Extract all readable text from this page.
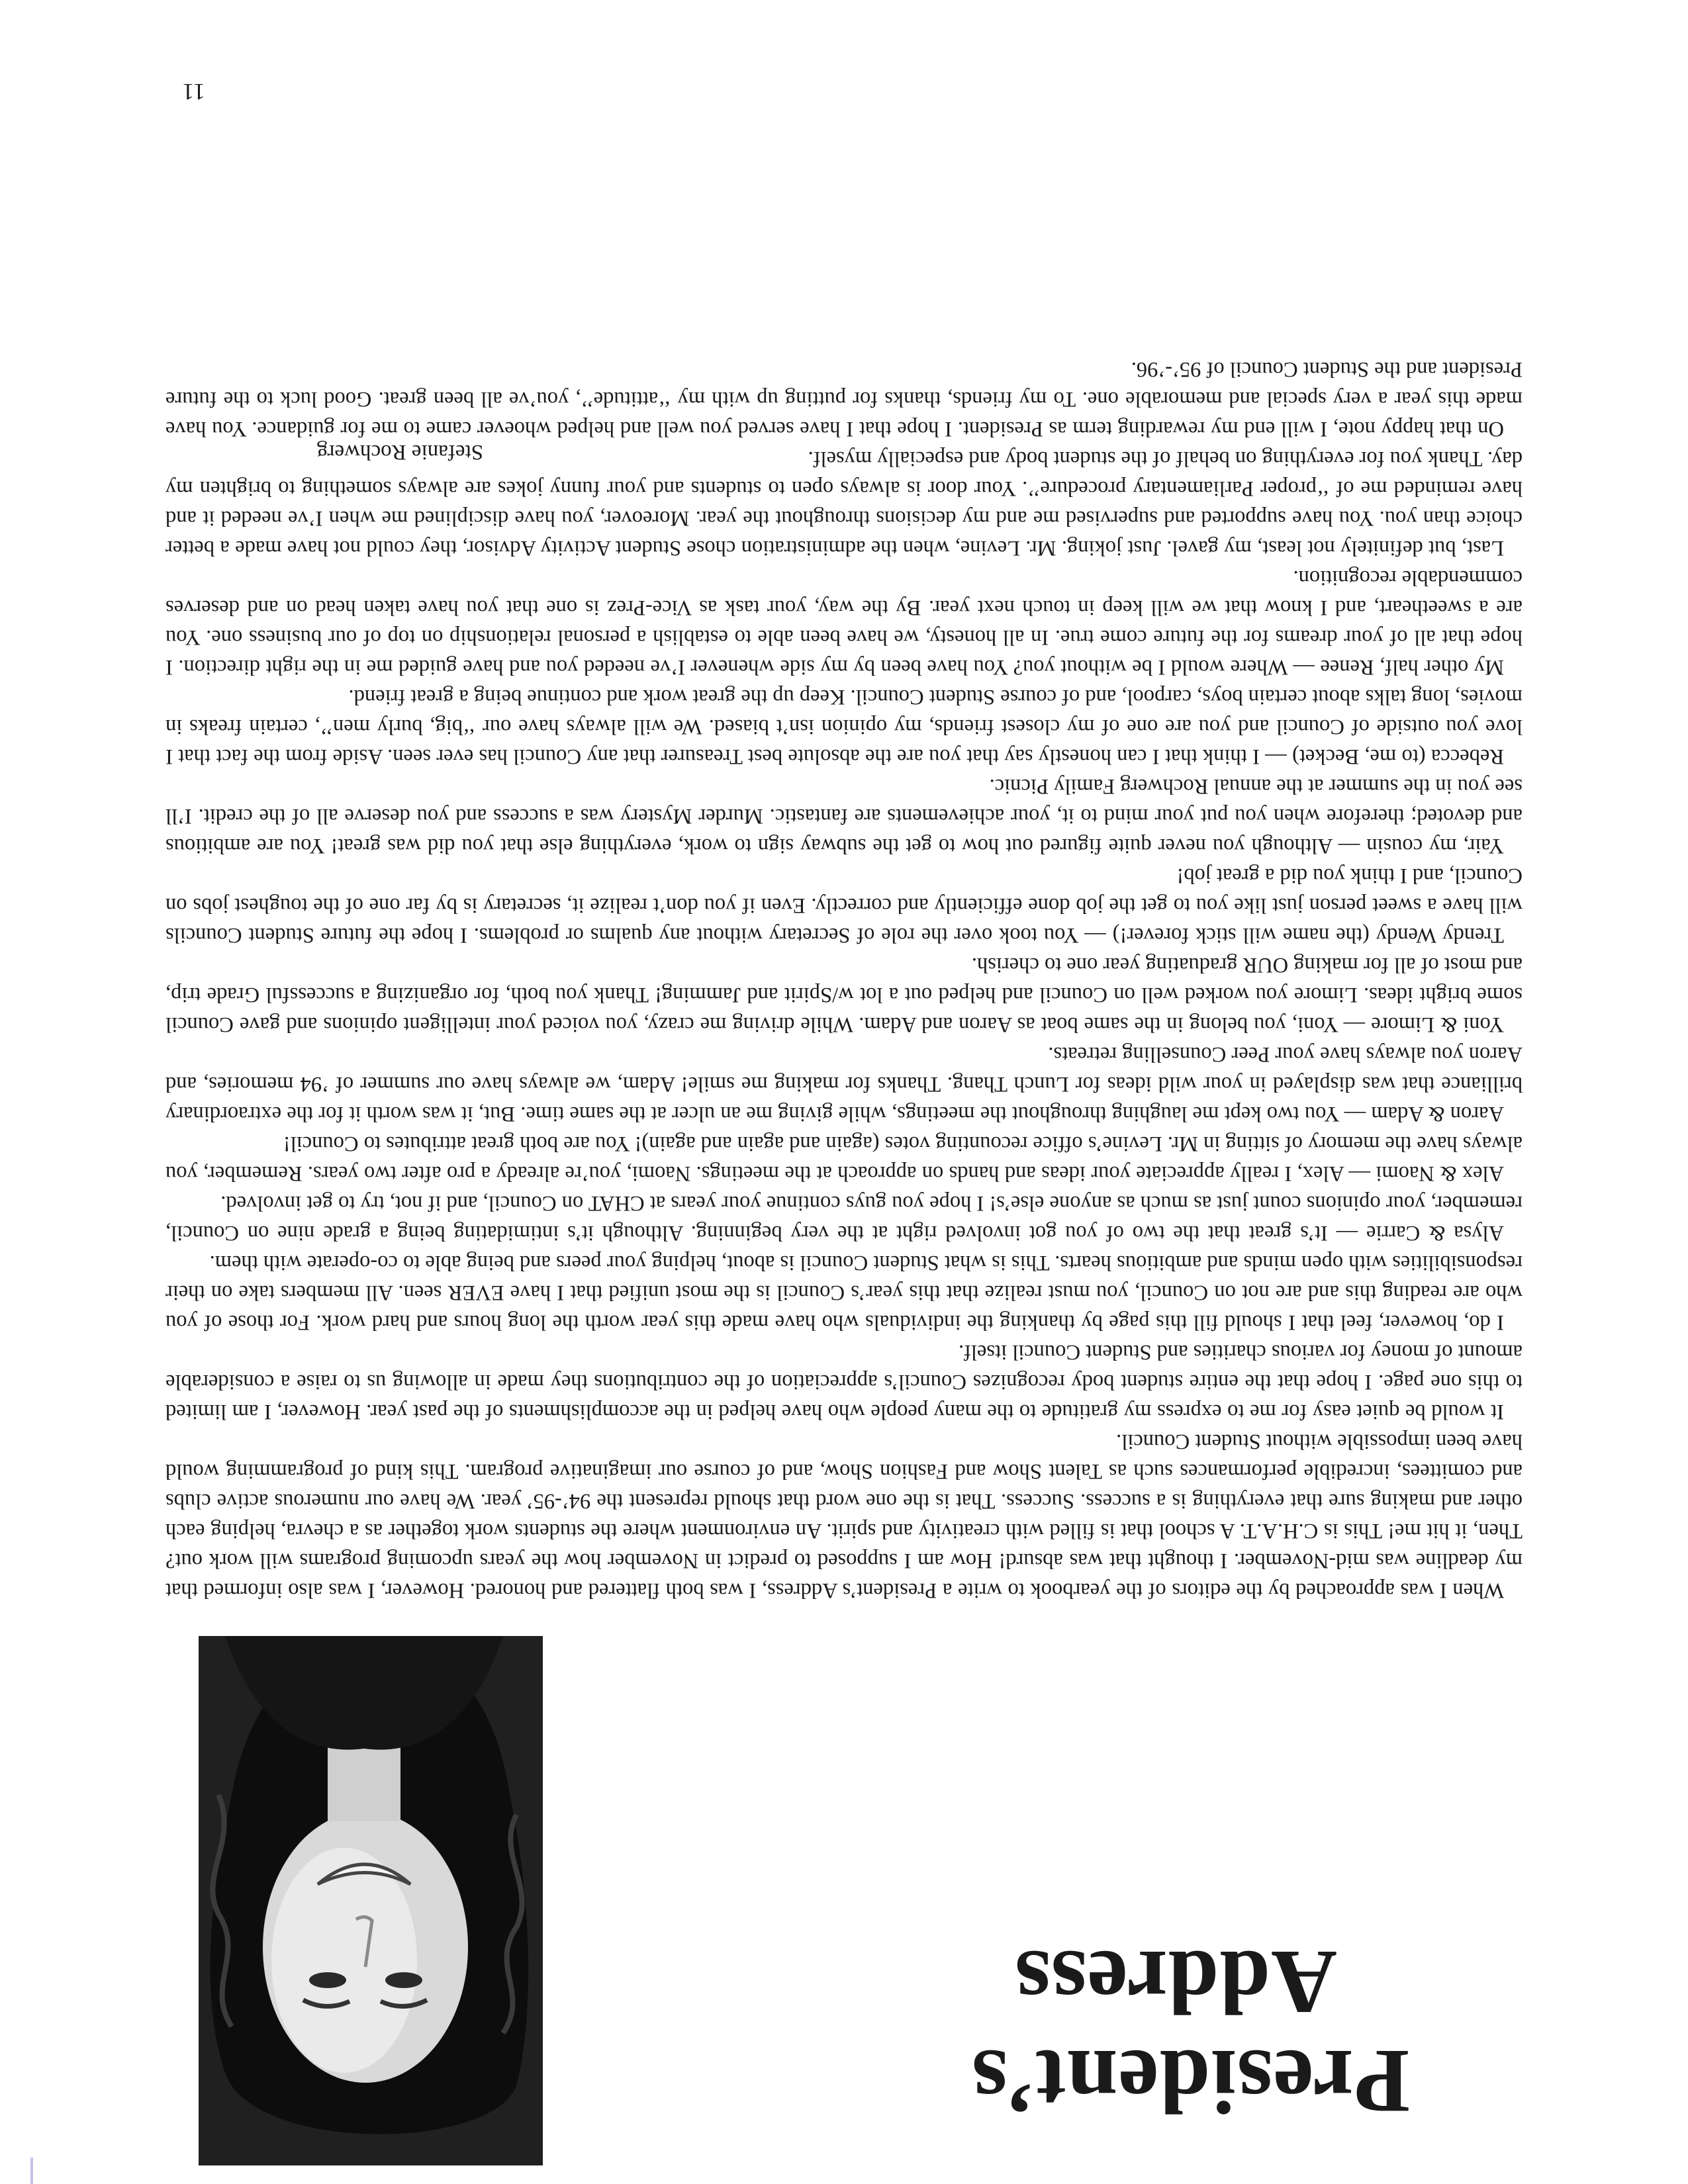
President’s
Address

When I was approached by the editors of the yearbook to write a President’s Address, I was both flattered and honored. However, I was also informed that my deadline was mid-November. I thought that was absurd! How am I supposed to predict in November how the years upcoming programs will work out? Then, it hit me! This is C.H.A.T. A school that is filled with creativity and spirit. An environment where the students work together as a chevra, helping each other and making sure that everything is a success. Success. That is the one word that should represent the 94’-95’ year. We have our numerous active clubs and comittees, incredible performances such as Talent Show and Fashion Show, and of course our imaginative program. This kind of programming would have been impossible without Student Council.

It would be quiet easy for me to express my gratitude to the many people who have helped in the accomplishments of the past year. However, I am limited to this one page. I hope that the entire student body recognizes Council’s appreciation of the contributions they made in allowing us to raise a considerable amount of money for various charities and Student Council itself.

I do, however, feel that I should fill this page by thanking the individuals who have made this year worth the long hours and hard work. For those of you who are reading this and are not on Council, you must realize that this year’s Council is the most unified that I have EVER seen. All members take on their responsibilities with open minds and ambitious hearts. This is what Student Council is about, helping your peers and being able to co-operate with them.

Alysa & Carrie — It’s great that the two of you got involved right at the very beginning. Although it’s intimidating being a grade nine on Council, remember, your opinions count just as much as anyone else’s! I hope you guys continue your years at CHAT on Council, and if not, try to get involved.

Alex & Naomi — Alex, I really appreciate your ideas and hands on approach at the meetings. Naomi, you’re already a pro after two years. Remember, you always have the memory of sitting in Mr. Levine’s office recounting votes (again and again and again)! You are both great attributes to Council!

Aaron & Adam — You two kept me laughing throughout the meetings, while giving me an ulcer at the same time. But, it was worth it for the extraordinary brilliance that was displayed in your wild ideas for Lunch Thang. Thanks for making me smile! Adam, we always have our summer of ’94 memories, and Aaron you always have your Peer Counselling retreats.

Yoni & Limore — Yoni, you belong in the same boat as Aaron and Adam. While driving me crazy, you voiced your intelligent opinions and gave Council some bright ideas. Limore you worked well on Council and helped out a lot w/Spirit and Jamming! Thank you both, for organizing a successful Grade trip, and most of all for making OUR graduating year one to cherish.

Trendy Wendy (the name will stick forever!) — You took over the role of Secretary without any qualms or problems. I hope the future Student Councils will have a sweet person just like you to get the job done efficiently and correctly. Even if you don’t realize it, secretary is by far one of the toughest jobs on Council, and I think you did a great job!

Yair, my cousin — Although you never quite figured out how to get the subway sign to work, everything else that you did was great! You are ambitious and devoted; therefore when you put your mind to it, your achievements are fantastic. Murder Mystery was a success and you deserve all of the credit. I’ll see you in the summer at the annual Rochwerg Family Picnic.

Rebecca (to me, Becket) — I think that I can honestly say that you are the absolute best Treasurer that any Council has ever seen. Aside from the fact that I love you outside of Council and you are one of my closest friends, my opinion isn’t biased. We will always have our ‘‘big, burly men’’, certain freaks in movies, long talks about certain boys, carpool, and of course Student Council. Keep up the great work and continue being a great friend.

My other half, Renee — Where would I be without you? You have been by my side whenever I’ve needed you and have guided me in the right direction. I hope that all of your dreams for the future come true. In all honesty, we have been able to establish a personal relationship on top of our business one. You are a sweetheart, and I know that we will keep in touch next year. By the way, your task as Vice-Prez is one that you have taken head on and deserves commendable recognition.

Last, but definitely not least, my gavel. Just joking. Mr. Levine, when the administration chose Student Activity Advisor, they could not have made a better choice than you. You have supported and supervised me and my decisions throughout the year. Moreover, you have disciplined me when I’ve needed it and have reminded me of ‘‘proper Parliamentary procedure’’. Your door is always open to students and your funny jokes are always something to brighten my day. Thank you for everything on behalf of the student body and especially myself.

On that happy note, I will end my rewarding term as President. I hope that I have served you well and helped whoever came to me for guidance. You have made this year a very special and memorable one. To my friends, thanks for putting up with my ‘‘attitude’’, you’ve all been great. Good luck to the future President and the Student Council of 95’-’96.

Stefanie Rochwerg
11
